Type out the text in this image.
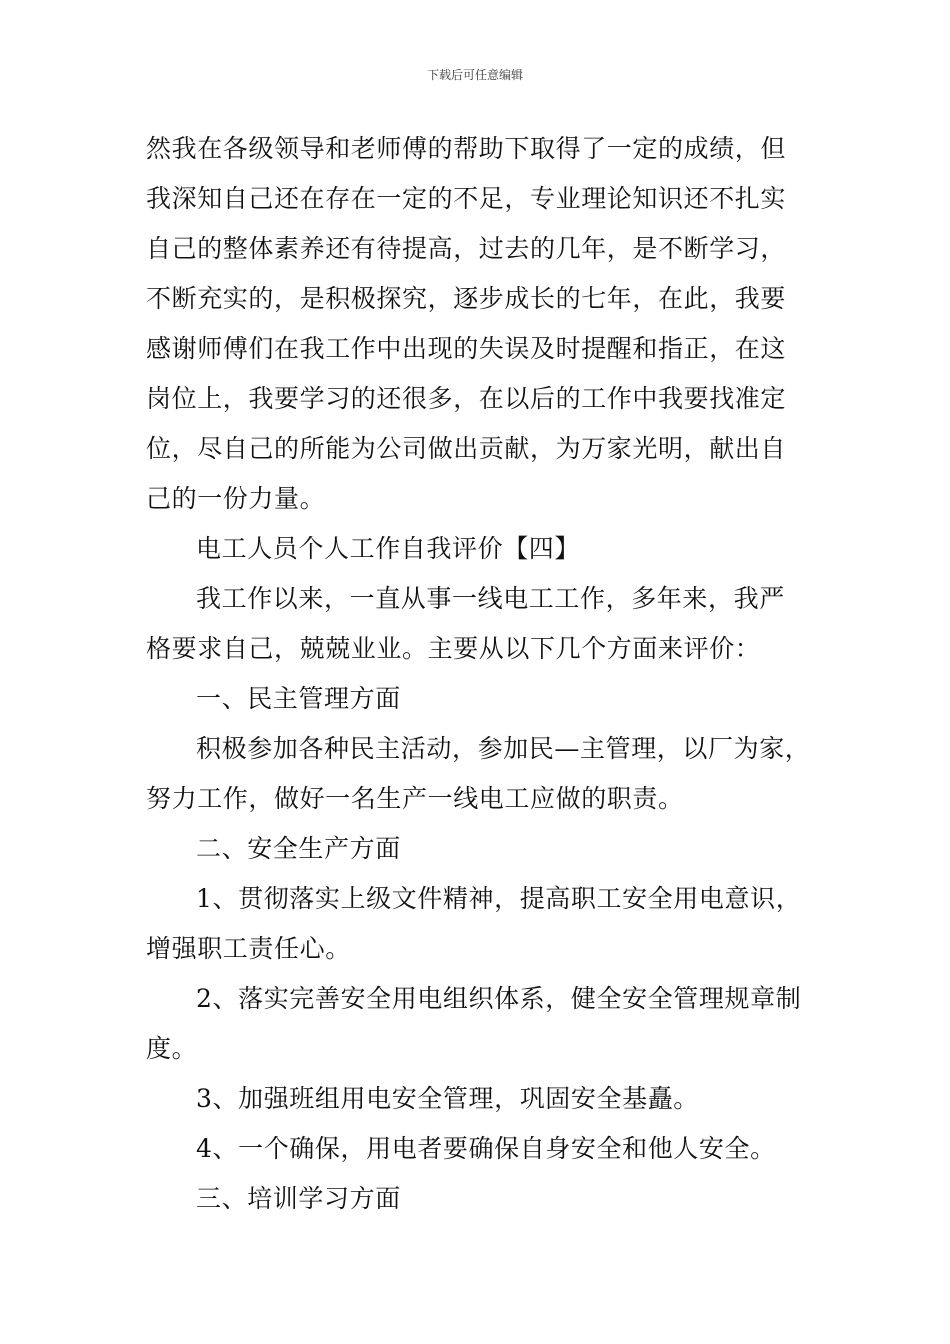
下载后可任意编辑
然我在各级领导和老师傅的帮助下取得了一定的成绩，但
我深知自己还在存在一定的不足，专业理论知识还不扎实
自己的整体素养还有待提高，过去的几年，是不断学习，
不断充实的，是积极探究，逐步成长的七年，在此，我要
感谢师傅们在我工作中出现的失误及时提醒和指正，在这
岗位上，我要学习的还很多，在以后的工作中我要找准定
位，尽自己的所能为公司做出贡献，为万家光明，献出自
己的一份力量。
电工人员个人工作自我评价【四】
我工作以来，一直从事一线电工工作，多年来，我严
格要求自己，兢兢业业。主要从以下几个方面来评价：
一、民主管理方面
积极参加各种民主活动，参加民—主管理，以厂为家，
努力工作，做好一名生产一线电工应做的职责。
二、安全生产方面
1、贯彻落实上级文件精神，提高职工安全用电意识，
增强职工责任心。
2、落实完善安全用电组织体系，健全安全管理规章制
度。
3、加强班组用电安全管理，巩固安全基矗。
4、一个确保，用电者要确保自身安全和他人安全。
三、培训学习方面
